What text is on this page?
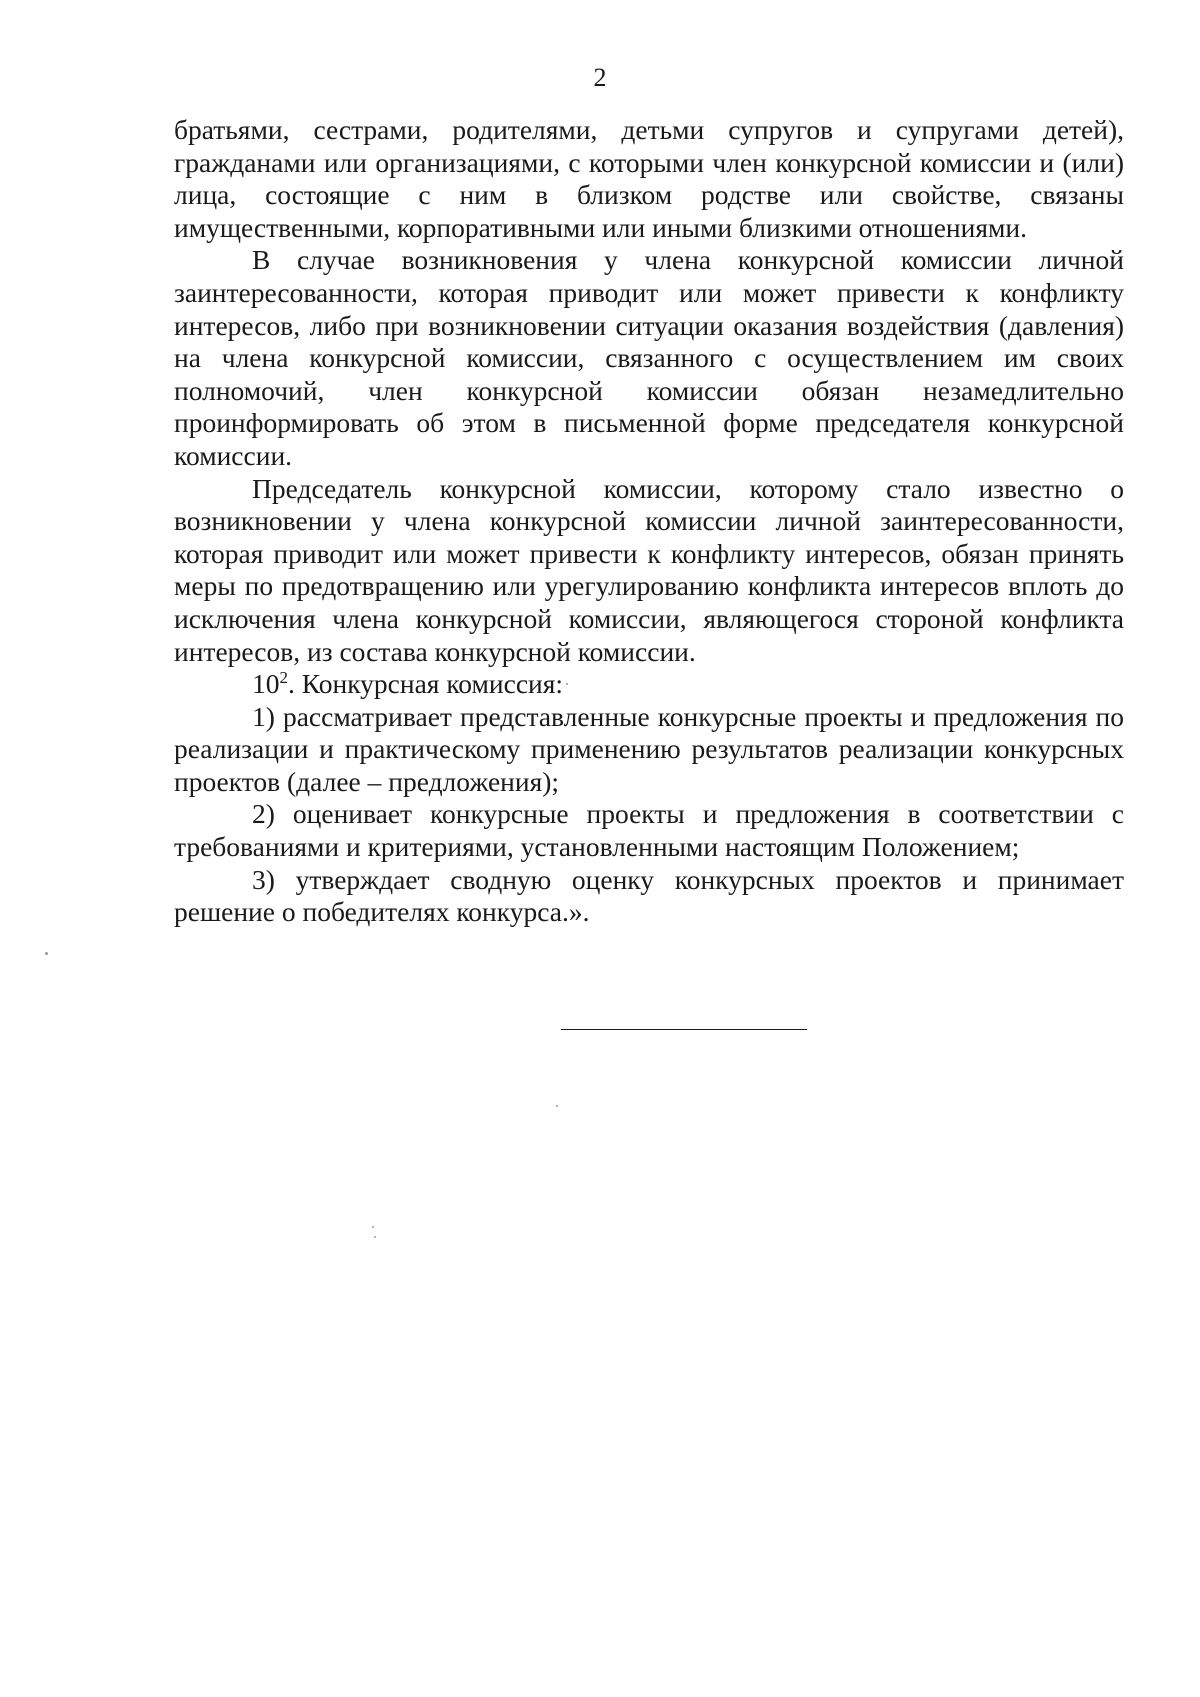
2

братьями, сестрами, родителями, детьми супругов и супругами детей), гражданами или организациями, с которыми член конкурсной комиссии и (или) лица, состоящие с ним в близком родстве или свойстве, связаны имущественными, корпоративными или иными близкими отношениями.

В случае возникновения у члена конкурсной комиссии личной заинтересованности, которая приводит или может привести к конфликту интересов, либо при возникновении ситуации оказания воздействия (давления) на члена конкурсной комиссии, связанного с осуществлением им своих полномочий, член конкурсной комиссии обязан незамедлительно проинформировать об этом в письменной форме председателя конкурсной комиссии.

Председатель конкурсной комиссии, которому стало известно о возникновении у члена конкурсной комиссии личной заинтересованности, которая приводит или может привести к конфликту интересов, обязан принять меры по предотвращению или урегулированию конфликта интересов вплоть до исключения члена конкурсной комиссии, являющегося стороной конфликта интересов, из состава конкурсной комиссии.

$10^2$. Конкурсная комиссия:

1) рассматривает представленные конкурсные проекты и предложения по реализации и практическому применению результатов реализации конкурсных проектов (далее – предложения);

2) оценивает конкурсные проекты и предложения в соответствии с требованиями и критериями, установленными настоящим Положением;

3) утверждает сводную оценку конкурсных проектов и принимает решение о победителях конкурса.».
